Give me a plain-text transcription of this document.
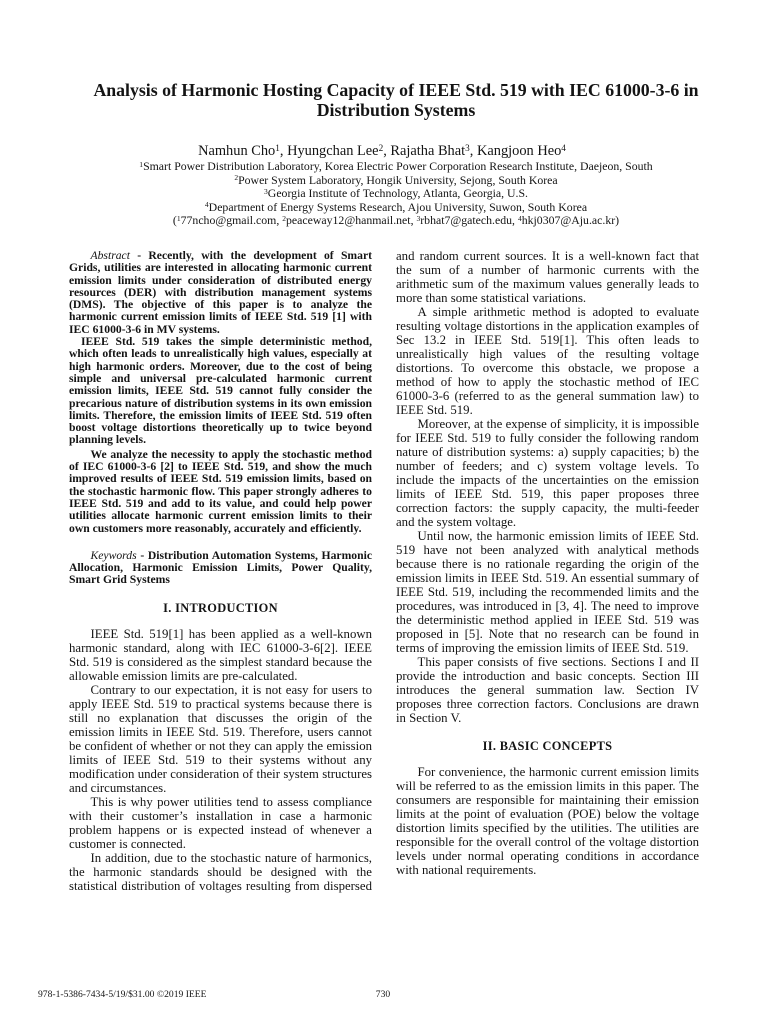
Analysis of Harmonic Hosting Capacity of IEEE Std. 519 with IEC 61000-3-6 in
Distribution Systems
Namhun Cho$^1$, Hyungchan Lee$^2$, Rajatha Bhat$^3$, Kangjoon Heo$^4$
$^1$Smart Power Distribution Laboratory, Korea Electric Power Corporation Research Institute, Daejeon, South
$^2$Power System Laboratory, Hongik University, Sejong, South Korea
$^3$Georgia Institute of Technology, Atlanta, Georgia, U.S.
$^4$Department of Energy Systems Research, Ajou University, Suwon, South Korea
($^1$77ncho@gmail.com, $^2$peaceway12@hanmail.net, $^3$rbhat7@gatech.edu, $^4$hkj0307@Aju.ac.kr)

Abstract - Recently, with the development of Smart Grids, utilities are interested in allocating harmonic current emission limits under consideration of distributed energy resources (DER) with distribution management systems (DMS). The objective of this paper is to analyze the harmonic current emission limits of IEEE Std. 519 [1] with IEC 61000-3-6 in MV systems.

IEEE Std. 519 takes the simple deterministic method, which often leads to unrealistically high values, especially at high harmonic orders. Moreover, due to the cost of being simple and universal pre-calculated harmonic current emission limits, IEEE Std. 519 cannot fully consider the precarious nature of distribution systems in its own emission limits. Therefore, the emission limits of IEEE Std. 519 often boost voltage distortions theoretically up to twice beyond planning levels.

We analyze the necessity to apply the stochastic method of IEC 61000-3-6 [2] to IEEE Std. 519, and show the much improved results of IEEE Std. 519 emission limits, based on the stochastic harmonic flow. This paper strongly adheres to IEEE Std. 519 and add to its value, and could help power utilities allocate harmonic current emission limits to their own customers more reasonably, accurately and efficiently.

Keywords - Distribution Automation Systems, Harmonic Allocation, Harmonic Emission Limits, Power Quality, Smart Grid Systems

I. INTRODUCTION

IEEE Std. 519[1] has been applied as a well-known harmonic standard, along with IEC 61000-3-6[2]. IEEE Std. 519 is considered as the simplest standard because the allowable emission limits are pre-calculated.

Contrary to our expectation, it is not easy for users to apply IEEE Std. 519 to practical systems because there is still no explanation that discusses the origin of the emission limits in IEEE Std. 519. Therefore, users cannot be confident of whether or not they can apply the emission limits of IEEE Std. 519 to their systems without any modification under consideration of their system structures and circumstances.

This is why power utilities tend to assess compliance with their customer’s installation in case a harmonic problem happens or is expected instead of whenever a customer is connected.

In addition, due to the stochastic nature of harmonics, the harmonic standards should be designed with the statistical distribution of voltages resulting from dispersed

and random current sources. It is a well-known fact that the sum of a number of harmonic currents with the arithmetic sum of the maximum values generally leads to more than some statistical variations.

A simple arithmetic method is adopted to evaluate resulting voltage distortions in the application examples of Sec 13.2 in IEEE Std. 519[1]. This often leads to unrealistically high values of the resulting voltage distortions. To overcome this obstacle, we propose a method of how to apply the stochastic method of IEC 61000-3-6 (referred to as the general summation law) to IEEE Std. 519.

Moreover, at the expense of simplicity, it is impossible for IEEE Std. 519 to fully consider the following random nature of distribution systems: a) supply capacities; b) the number of feeders; and c) system voltage levels. To include the impacts of the uncertainties on the emission limits of IEEE Std. 519, this paper proposes three correction factors: the supply capacity, the multi-feeder and the system voltage.

Until now, the harmonic emission limits of IEEE Std. 519 have not been analyzed with analytical methods because there is no rationale regarding the origin of the emission limits in IEEE Std. 519. An essential summary of IEEE Std. 519, including the recommended limits and the procedures, was introduced in [3, 4]. The need to improve the deterministic method applied in IEEE Std. 519 was proposed in [5]. Note that no research can be found in terms of improving the emission limits of IEEE Std. 519.

This paper consists of five sections. Sections I and II provide the introduction and basic concepts. Section III introduces the general summation law. Section IV proposes three correction factors. Conclusions are drawn in Section V.

II. BASIC CONCEPTS

For convenience, the harmonic current emission limits will be referred to as the emission limits in this paper. The consumers are responsible for maintaining their emission limits at the point of evaluation (POE) below the voltage distortion limits specified by the utilities. The utilities are responsible for the overall control of the voltage distortion levels under normal operating conditions in accordance with national requirements.

978-1-5386-7434-5/19/$31.00 ©2019 IEEE	730
